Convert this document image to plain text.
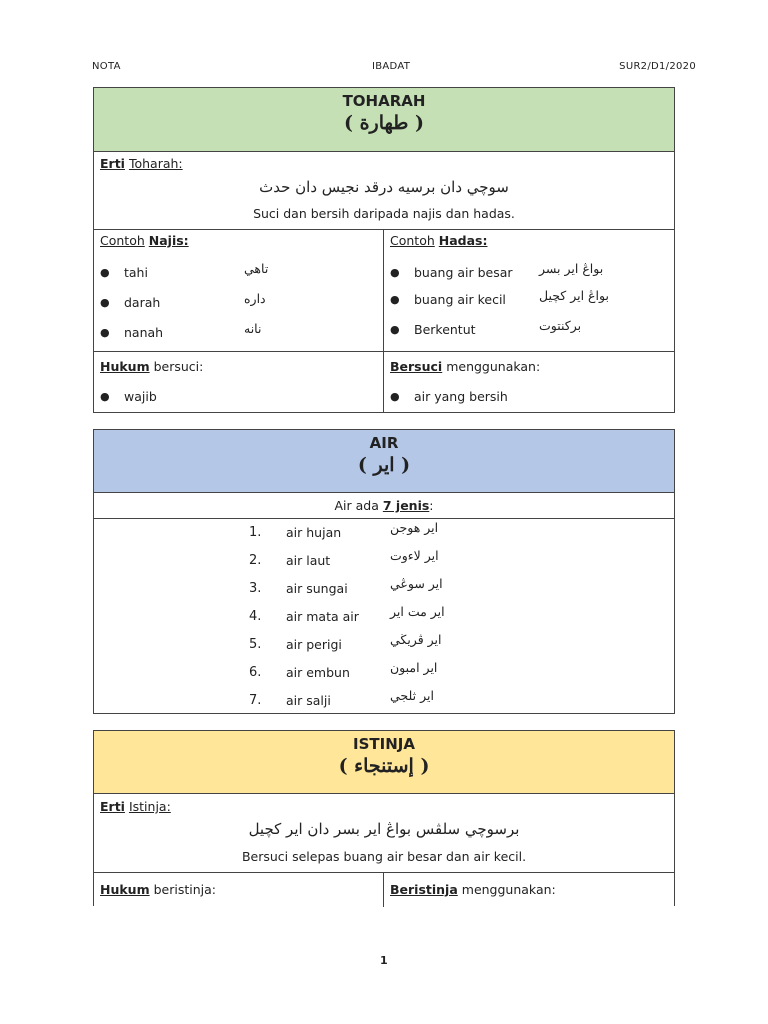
NOTA	IBADAT	SUR2/D1/2020
TOHARAH
( طهارة )
Erti Toharah:
سوچي دان برسيه درقد نجيس دان حدث
Suci dan bersih daripada najis dan hadas.
Contoh Najis:
● tahi	تاهي
● darah	داره
● nanah	نانه
Contoh Hadas:
● buang air besar بواڠ اير بسر
● buang air kecil	بواڠ اير کچيل
● Berkentut	برکنتوت
Hukum bersuci:
● wajib
Bersuci menggunakan:
● air yang bersih
AIR
( اير )
Air ada 7 jenis:
1. air hujan	اير هوجن
2. air laut	اير لاءوت
3. air sungai	اير سوڠي
4. air mata air اير مت اير
5. air perigi	اير ڤريڬي
6. air embun	اير امبون
7. air salji	اير ثلجي
ISTINJA
( إستنجاء )
Erti Istinja:
برسوچي سلڤس بواڠ اير بسر دان اير کچيل
Bersuci selepas buang air besar dan air kecil.
Hukum beristinja:	Beristinja menggunakan:
1
